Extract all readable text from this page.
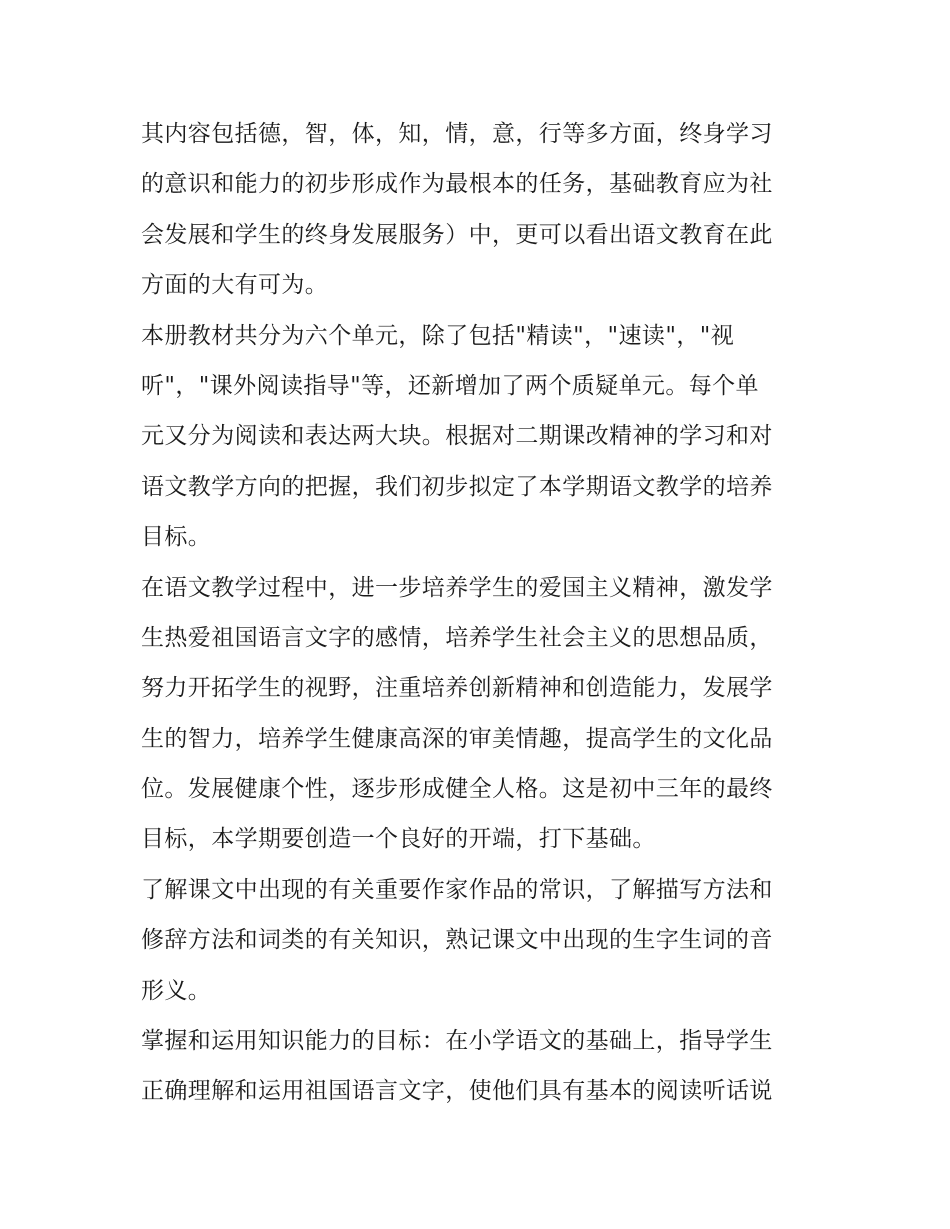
其内容包括德，智，体，知，情，意，行等多方面，终身学习
的意识和能力的初步形成作为最根本的任务，基础教育应为社
会发展和学生的终身发展服务）中，更可以看出语文教育在此
方面的大有可为。

本册教材共分为六个单元，除了包括"精读"，"速读"，"视
听"，"课外阅读指导"等，还新增加了两个质疑单元。每个单
元又分为阅读和表达两大块。根据对二期课改精神的学习和对
语文教学方向的把握，我们初步拟定了本学期语文教学的培养
目标。

在语文教学过程中，进一步培养学生的爱国主义精神，激发学
生热爱祖国语言文字的感情，培养学生社会主义的思想品质，
努力开拓学生的视野，注重培养创新精神和创造能力，发展学
生的智力，培养学生健康高深的审美情趣，提高学生的文化品
位。发展健康个性，逐步形成健全人格。这是初中三年的最终
目标，本学期要创造一个良好的开端，打下基础。

了解课文中出现的有关重要作家作品的常识，了解描写方法和
修辞方法和词类的有关知识，熟记课文中出现的生字生词的音
形义。

掌握和运用知识能力的目标：在小学语文的基础上，指导学生
正确理解和运用祖国语言文字，使他们具有基本的阅读听话说
